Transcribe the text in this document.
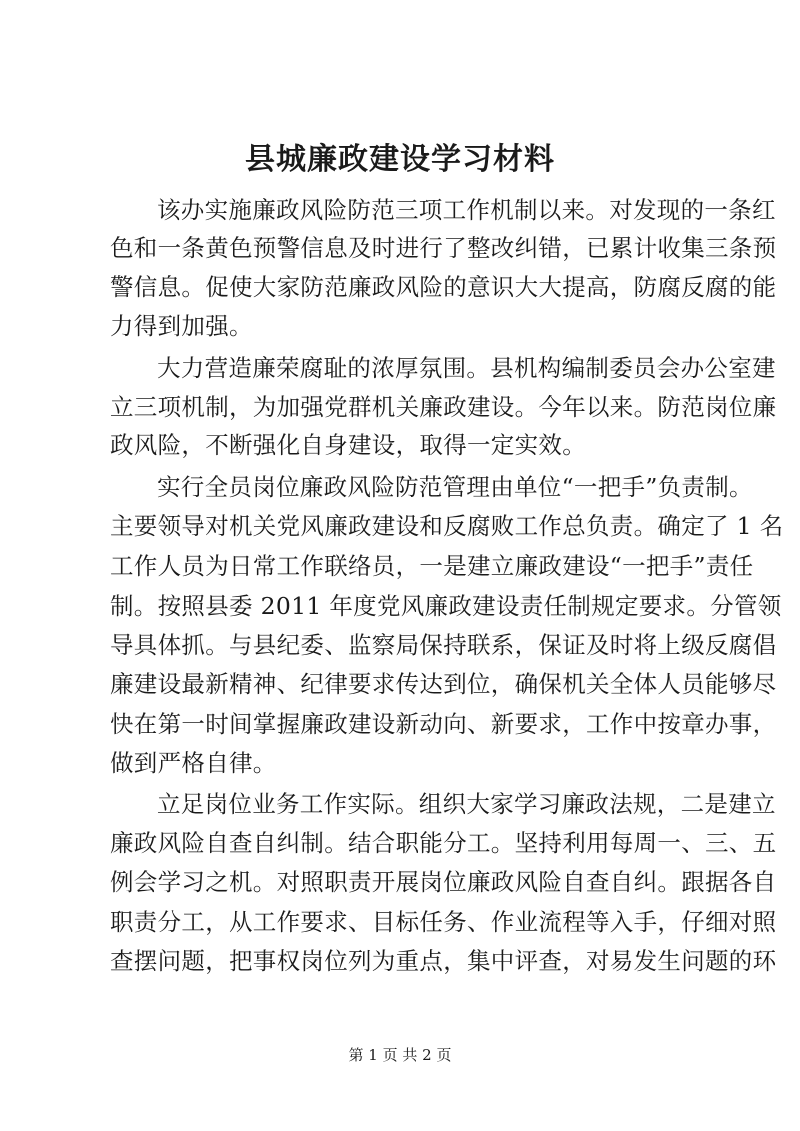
县城廉政建设学习材料
该办实施廉政风险防范三项工作机制以来。对发现的一条红
色和一条黄色预警信息及时进行了整改纠错，已累计收集三条预
警信息。促使大家防范廉政风险的意识大大提高，防腐反腐的能
力得到加强。
大力营造廉荣腐耻的浓厚氛围。县机构编制委员会办公室建
立三项机制，为加强党群机关廉政建设。今年以来。防范岗位廉
政风险，不断强化自身建设，取得一定实效。
实行全员岗位廉政风险防范管理由单位“一把手”负责制。
主要领导对机关党风廉政建设和反腐败工作总负责。确定了 1 名
工作人员为日常工作联络员，一是建立廉政建设“一把手”责任
制。按照县委 2011 年度党风廉政建设责任制规定要求。分管领
导具体抓。与县纪委、监察局保持联系，保证及时将上级反腐倡
廉建设最新精神、纪律要求传达到位，确保机关全体人员能够尽
快在第一时间掌握廉政建设新动向、新要求，工作中按章办事，
做到严格自律。
立足岗位业务工作实际。组织大家学习廉政法规，二是建立
廉政风险自查自纠制。结合职能分工。坚持利用每周一、三、五
例会学习之机。对照职责开展岗位廉政风险自查自纠。跟据各自
职责分工，从工作要求、目标任务、作业流程等入手，仔细对照
查摆问题，把事权岗位列为重点，集中评查，对易发生问题的环
第 1 页 共 2 页
